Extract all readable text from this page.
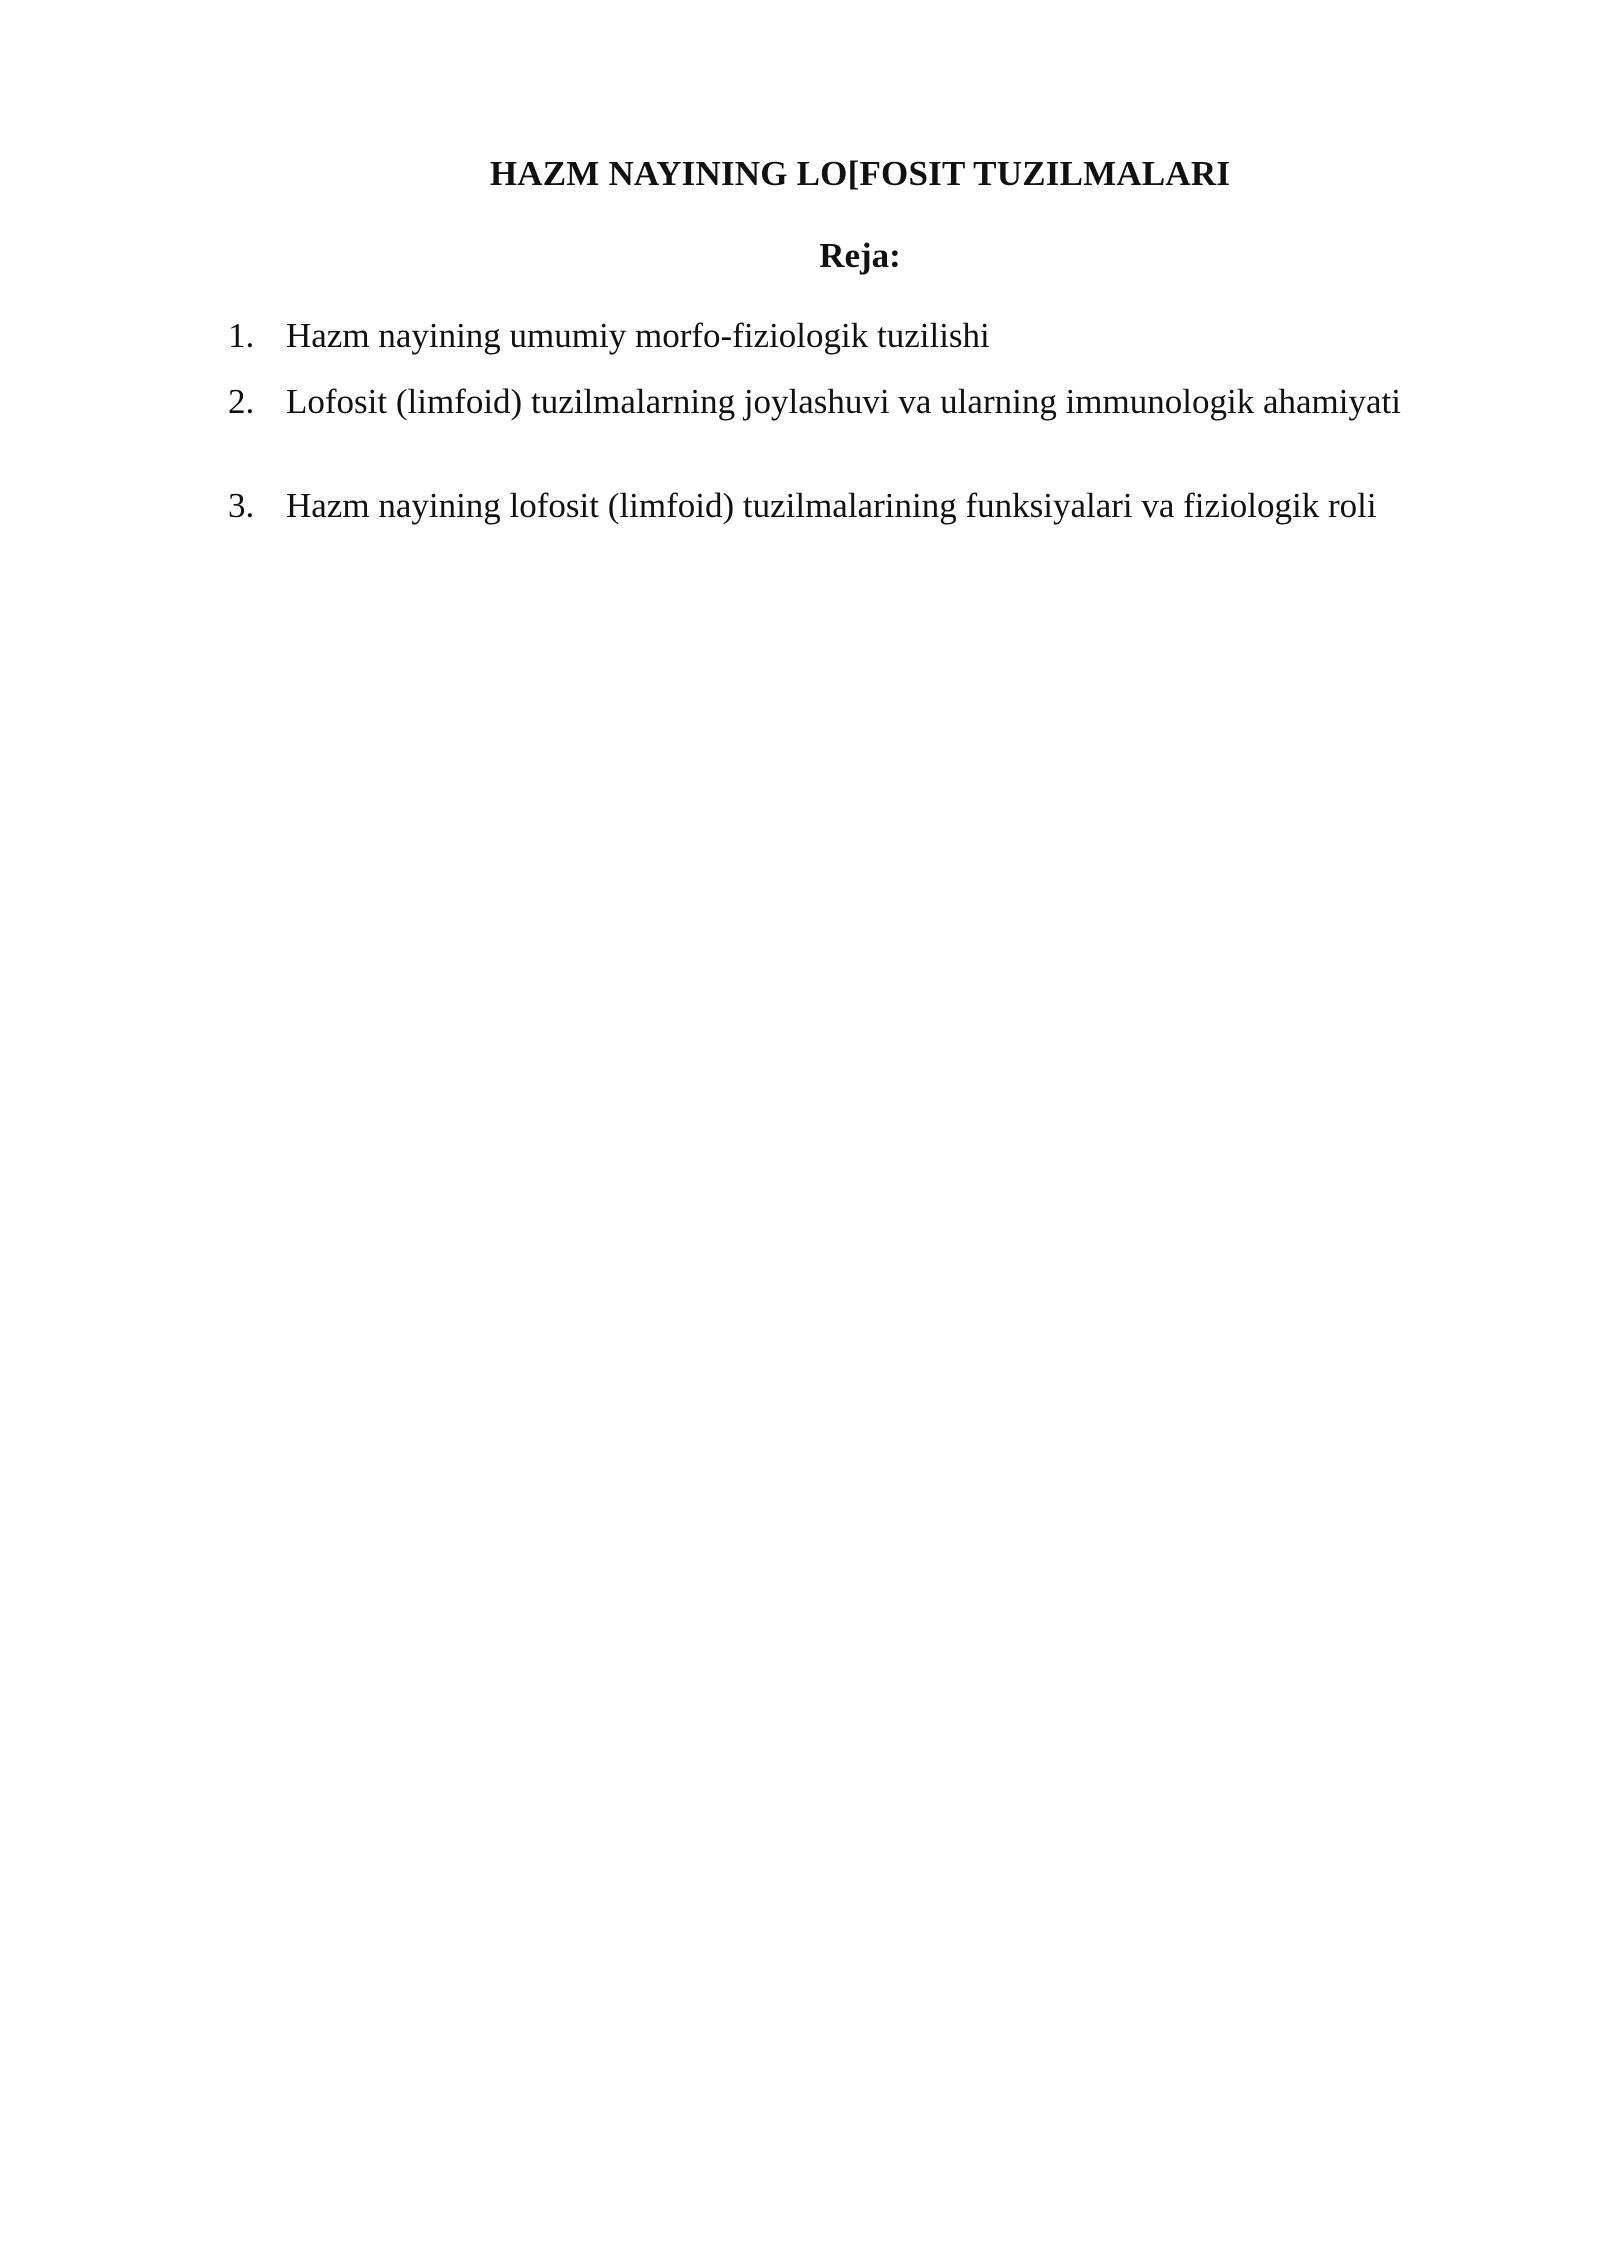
HAZM NAYINING LO[FOSIT TUZILMALARI
Reja:
1. Hazm nayining umumiy morfo-fiziologik tuzilishi
2. Lofosit (limfoid) tuzilmalarning joylashuvi va ularning immunologik ahamiyati
3. Hazm nayining lofosit (limfoid) tuzilmalarining funksiyalari va fiziologik roli
